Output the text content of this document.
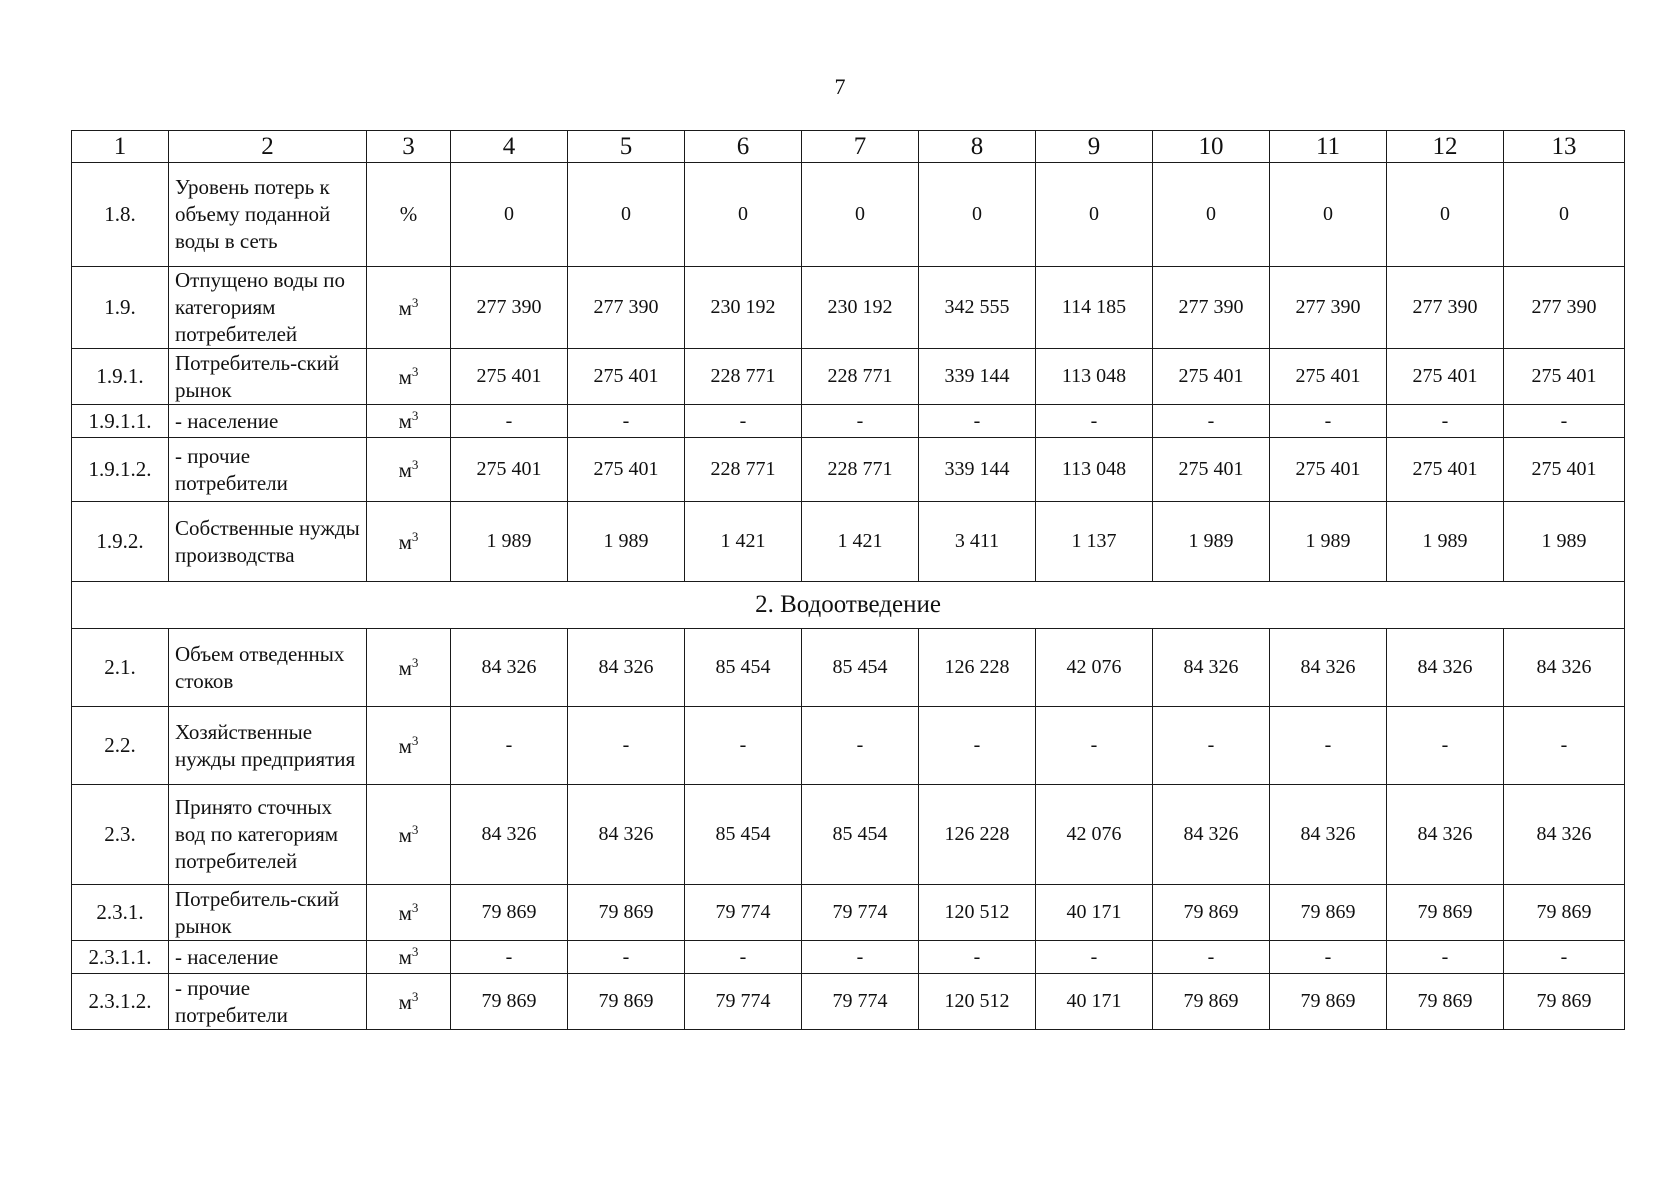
7
1	2	3	4	5	6	7	8	9	10	11	12	13
1.8.	Уровень потерь к объему поданной воды в сеть	%	0	0	0	0	0	0	0	0	0	0
1.9.	Отпущено воды по категориям потребителей	$м^3$	277 390	277 390	230 192	230 192	342 555	114 185	277 390	277 390	277 390	277 390
1.9.1.	Потребитель-ский рынок	$м^3$	275 401	275 401	228 771	228 771	339 144	113 048	275 401	275 401	275 401	275 401
1.9.1.1.	- население	$м^3$	-	-	-	-	-	-	-	-	-	-
1.9.1.2.	- прочие потребители	$м^3$	275 401	275 401	228 771	228 771	339 144	113 048	275 401	275 401	275 401	275 401
1.9.2.	Собственные нужды производства	$м^3$	1 989	1 989	1 421	1 421	3 411	1 137	1 989	1 989	1 989	1 989
2. Водоотведение												
2.1.	Объем отведенных стоков	$м^3$	84 326	84 326	85 454	85 454	126 228	42 076	84 326	84 326	84 326	84 326
2.2.	Хозяйственные нужды предприятия	$м^3$	-	-	-	-	-	-	-	-	-	-
2.3.	Принято сточных вод по категориям потребителей	$м^3$	84 326	84 326	85 454	85 454	126 228	42 076	84 326	84 326	84 326	84 326
2.3.1.	Потребитель-ский рынок	$м^3$	79 869	79 869	79 774	79 774	120 512	40 171	79 869	79 869	79 869	79 869
2.3.1.1.	- население	$м^3$	-	-	-	-	-	-	-	-	-	-
2.3.1.2.	- прочие потребители	$м^3$	79 869	79 869	79 774	79 774	120 512	40 171	79 869	79 869	79 869	79 869
